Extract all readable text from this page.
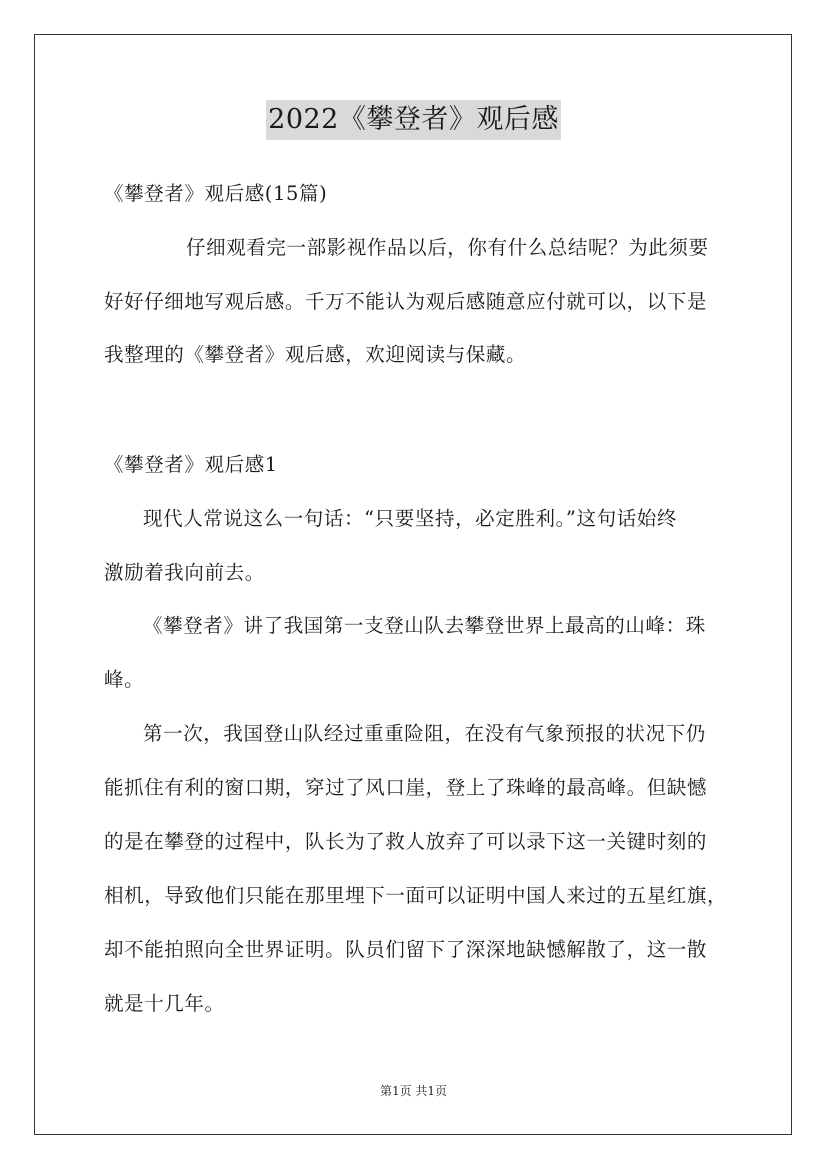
2022《攀登者》观后感
《攀登者》观后感(15篇)
仔细观看完一部影视作品以后，你有什么总结呢？为此须要
好好仔细地写观后感。千万不能认为观后感随意应付就可以，以下是
我整理的《攀登者》观后感，欢迎阅读与保藏。
《攀登者》观后感1
现代人常说这么一句话：“只要坚持，必定胜利。”这句话始终
激励着我向前去。
《攀登者》讲了我国第一支登山队去攀登世界上最高的山峰：珠
峰。
第一次，我国登山队经过重重险阻，在没有气象预报的状况下仍
能抓住有利的窗口期，穿过了风口崖，登上了珠峰的最高峰。但缺憾
的是在攀登的过程中，队长为了救人放弃了可以录下这一关键时刻的
相机，导致他们只能在那里埋下一面可以证明中国人来过的五星红旗，
却不能拍照向全世界证明。队员们留下了深深地缺憾解散了，这一散
就是十几年。
第1页 共1页
